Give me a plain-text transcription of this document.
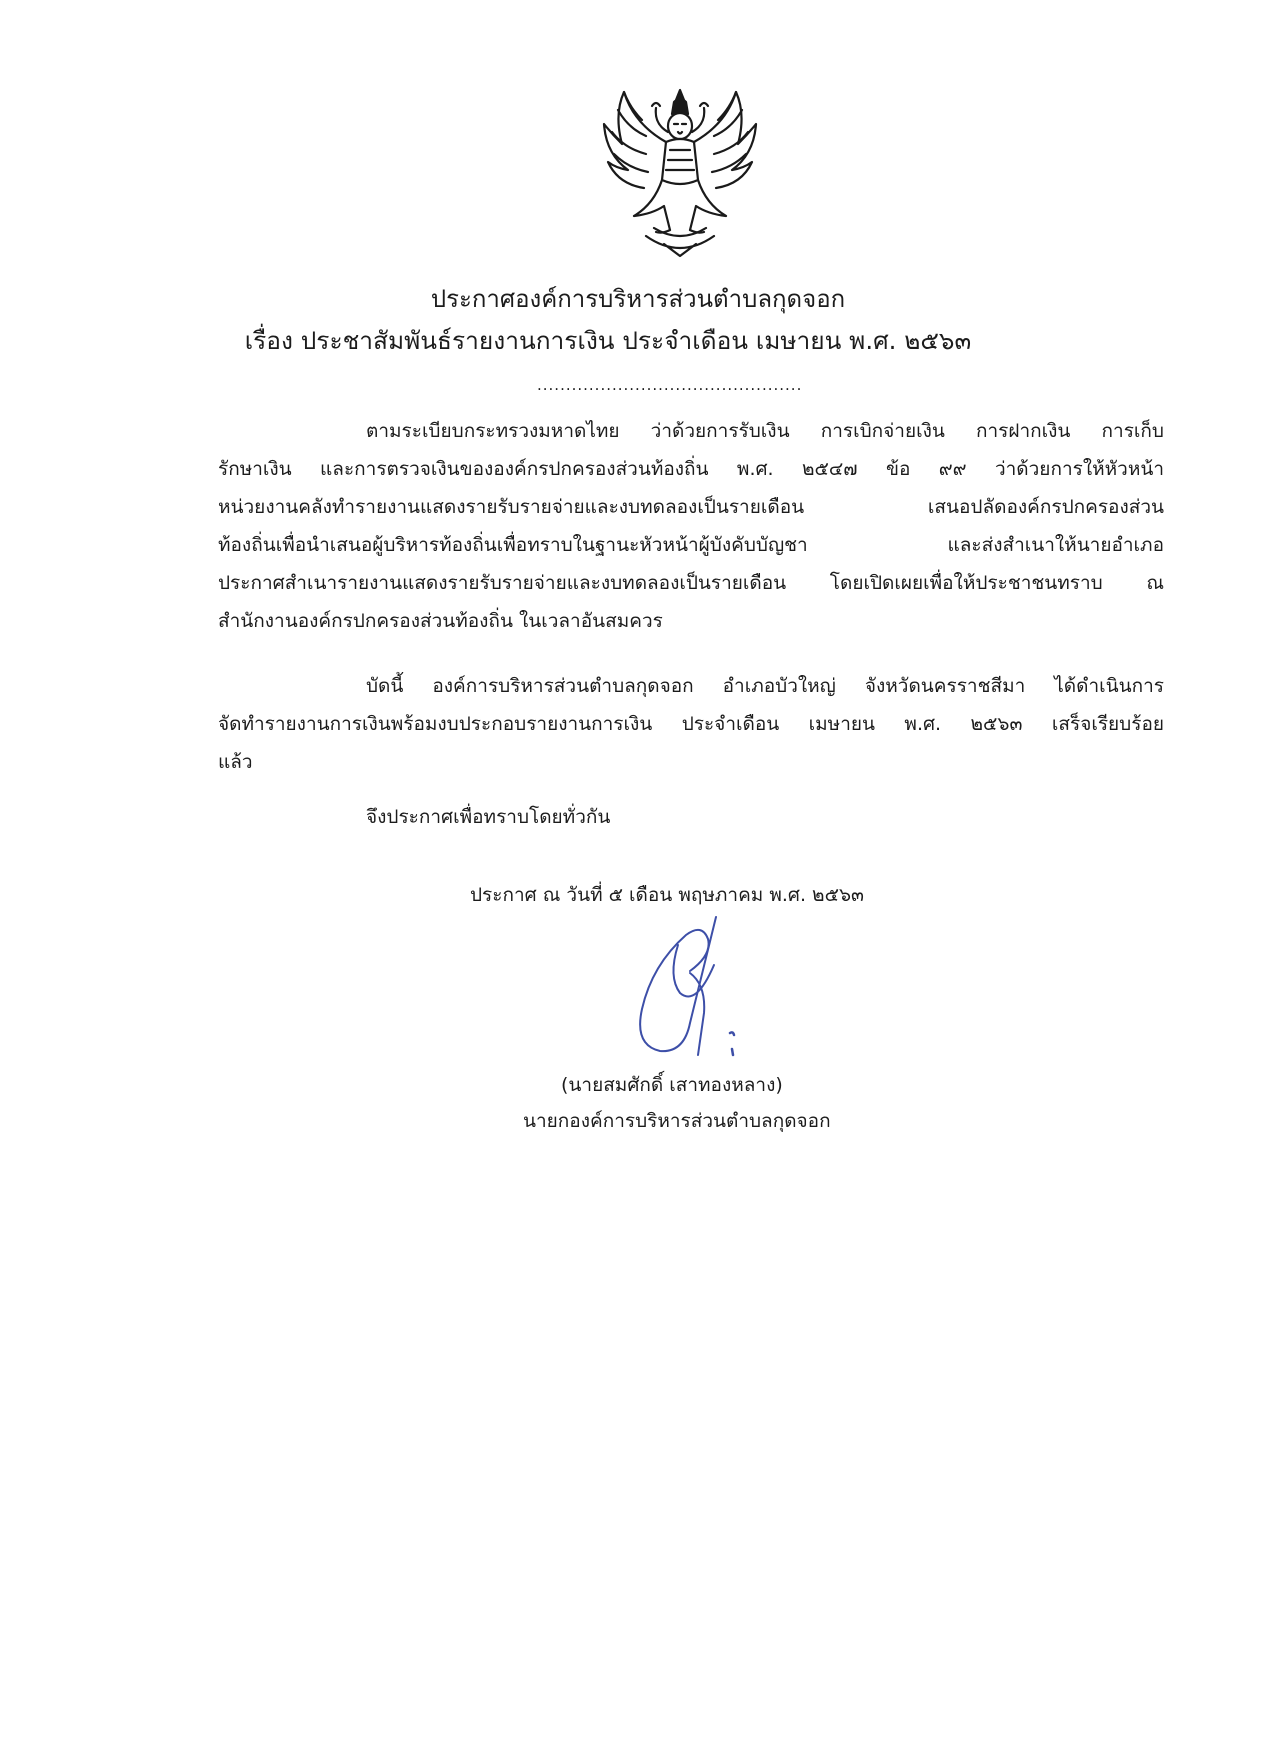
ประกาศองค์การบริหารส่วนตำบลกุดจอก
เรื่อง ประชาสัมพันธ์รายงานการเงิน ประจำเดือน เมษายน พ.ศ. ๒๕๖๓
..............................................
ตามระเบียบกระทรวงมหาดไทย ว่าด้วยการรับเงิน การเบิกจ่ายเงิน การฝากเงิน การเก็บ
รักษาเงิน และการตรวจเงินขององค์กรปกครองส่วนท้องถิ่น พ.ศ. ๒๕๔๗ ข้อ ๙๙ ว่าด้วยการให้หัวหน้า
หน่วยงานคลังทำรายงานแสดงรายรับรายจ่ายและงบทดลองเป็นรายเดือน เสนอปลัดองค์กรปกครองส่วน
ท้องถิ่นเพื่อนำเสนอผู้บริหารท้องถิ่นเพื่อทราบในฐานะหัวหน้าผู้บังคับบัญชา และส่งสำเนาให้นายอำเภอ
ประกาศสำเนารายงานแสดงรายรับรายจ่ายและงบทดลองเป็นรายเดือน โดยเปิดเผยเพื่อให้ประชาชนทราบ ณ
สำนักงานองค์กรปกครองส่วนท้องถิ่น ในเวลาอันสมควร
บัดนี้ องค์การบริหารส่วนตำบลกุดจอก อำเภอบัวใหญ่ จังหวัดนครราชสีมา ได้ดำเนินการ
จัดทำรายงานการเงินพร้อมงบประกอบรายงานการเงิน ประจำเดือน เมษายน พ.ศ. ๒๕๖๓ เสร็จเรียบร้อย
แล้ว
จึงประกาศเพื่อทราบโดยทั่วกัน
ประกาศ ณ วันที่ ๕ เดือน พฤษภาคม พ.ศ. ๒๕๖๓
(นายสมศักดิ์ เสาทองหลาง)
นายกองค์การบริหารส่วนตำบลกุดจอก
